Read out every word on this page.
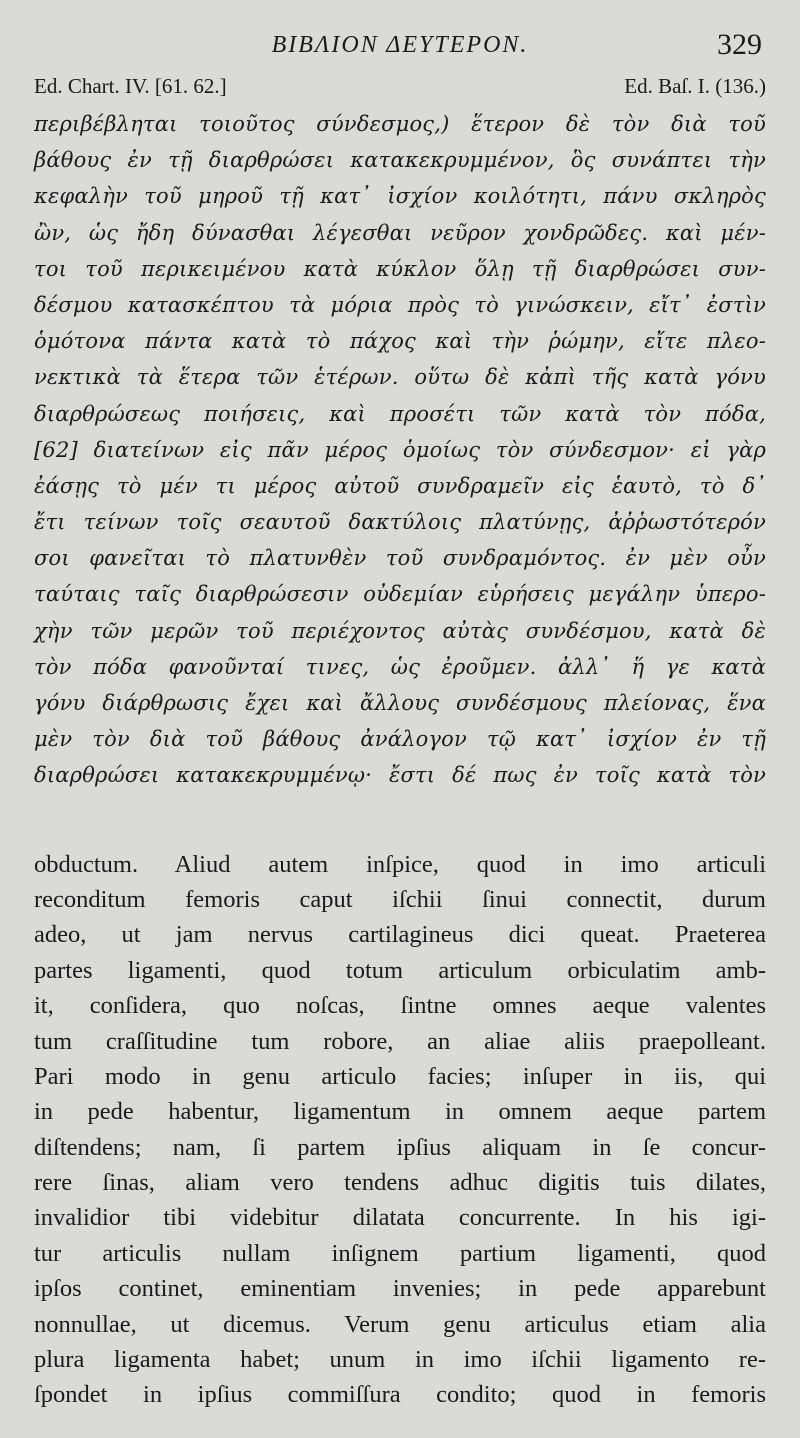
ΒΙΒΛΙΟΝ ΔΕΥΤΕΡΟΝ.	329
Ed. Chart. IV. [61. 62.]	Ed. Baſ. I. (136.)
περιβέβληται τοιοῦτος σύνδεσμος,) ἕτερον δὲ τὸν διὰ τοῦ
βάθους ἐν τῇ διαρθρώσει κατακεκρυμμένον, ὃς συνάπτει τὴν
κεφαλὴν τοῦ μηροῦ τῇ κατ᾽ ἰσχίον κοιλότητι, πάνυ σκληρὸς
ὢν, ὡς ἤδη δύνασθαι λέγεσθαι νεῦρον χονδρῶδες. καὶ μέν-
τοι τοῦ περικειμένου κατὰ κύκλον ὅλῃ τῇ διαρθρώσει συν-
δέσμου κατασκέπτου τὰ μόρια πρὸς τὸ γινώσκειν, εἴτ᾽ ἐστὶν
ὁμότονα πάντα κατὰ τὸ πάχος καὶ τὴν ῥώμην, εἴτε πλεο-
νεκτικὰ τὰ ἕτερα τῶν ἑτέρων. οὕτω δὲ κἀπὶ τῆς κατὰ γόνυ
διαρθρώσεως ποιήσεις, καὶ προσέτι τῶν κατὰ τὸν πόδα,
[62] διατείνων εἰς πᾶν μέρος ὁμοίως τὸν σύνδεσμον· εἰ γὰρ
ἐάσῃς τὸ μέν τι μέρος αὐτοῦ συνδραμεῖν εἰς ἑαυτὸ, τὸ δ᾽
ἔτι τείνων τοῖς σεαυτοῦ δακτύλοις πλατύνῃς, ἀῤῥωστότερόν
σοι φανεῖται τὸ πλατυνθὲν τοῦ συνδραμόντος. ἐν μὲν οὖν
ταύταις ταῖς διαρθρώσεσιν οὐδεμίαν εὑρήσεις μεγάλην ὑπερο-
χὴν τῶν μερῶν τοῦ περιέχοντος αὐτὰς συνδέσμου, κατὰ δὲ
τὸν πόδα φανοῦνταί τινες, ὡς ἐροῦμεν. ἀλλ᾽ ἥ γε κατὰ
γόνυ διάρθρωσις ἔχει καὶ ἄλλους συνδέσμους πλείονας, ἕνα
μὲν τὸν διὰ τοῦ βάθους ἀνάλογον τῷ κατ᾽ ἰσχίον ἐν τῇ
διαρθρώσει κατακεκρυμμένῳ· ἔστι δέ πως ἐν τοῖς κατὰ τὸν
obductum. Aliud autem inſpice, quod in imo articuli
reconditum femoris caput iſchii ſinui connectit, durum
adeo, ut jam nervus cartilagineus dici queat. Praeterea
partes ligamenti, quod totum articulum orbiculatim amb-
it, conſidera, quo noſcas, ſintne omnes aeque valentes
tum craſſitudine tum robore, an aliae aliis praepolleant.
Pari modo in genu articulo facies; inſuper in iis, qui
in pede habentur, ligamentum in omnem aeque partem
diſtendens; nam, ſi partem ipſius aliquam in ſe concur-
rere ſinas, aliam vero tendens adhuc digitis tuis dilates,
invalidior tibi videbitur dilatata concurrente. In his igi-
tur articulis nullam inſignem partium ligamenti, quod
ipſos continet, eminentiam invenies; in pede apparebunt
nonnullae, ut dicemus. Verum genu articulus etiam alia
plura ligamenta habet; unum in imo iſchii ligamento re-
ſpondet in ipſius commiſſura condito; quod in femoris
